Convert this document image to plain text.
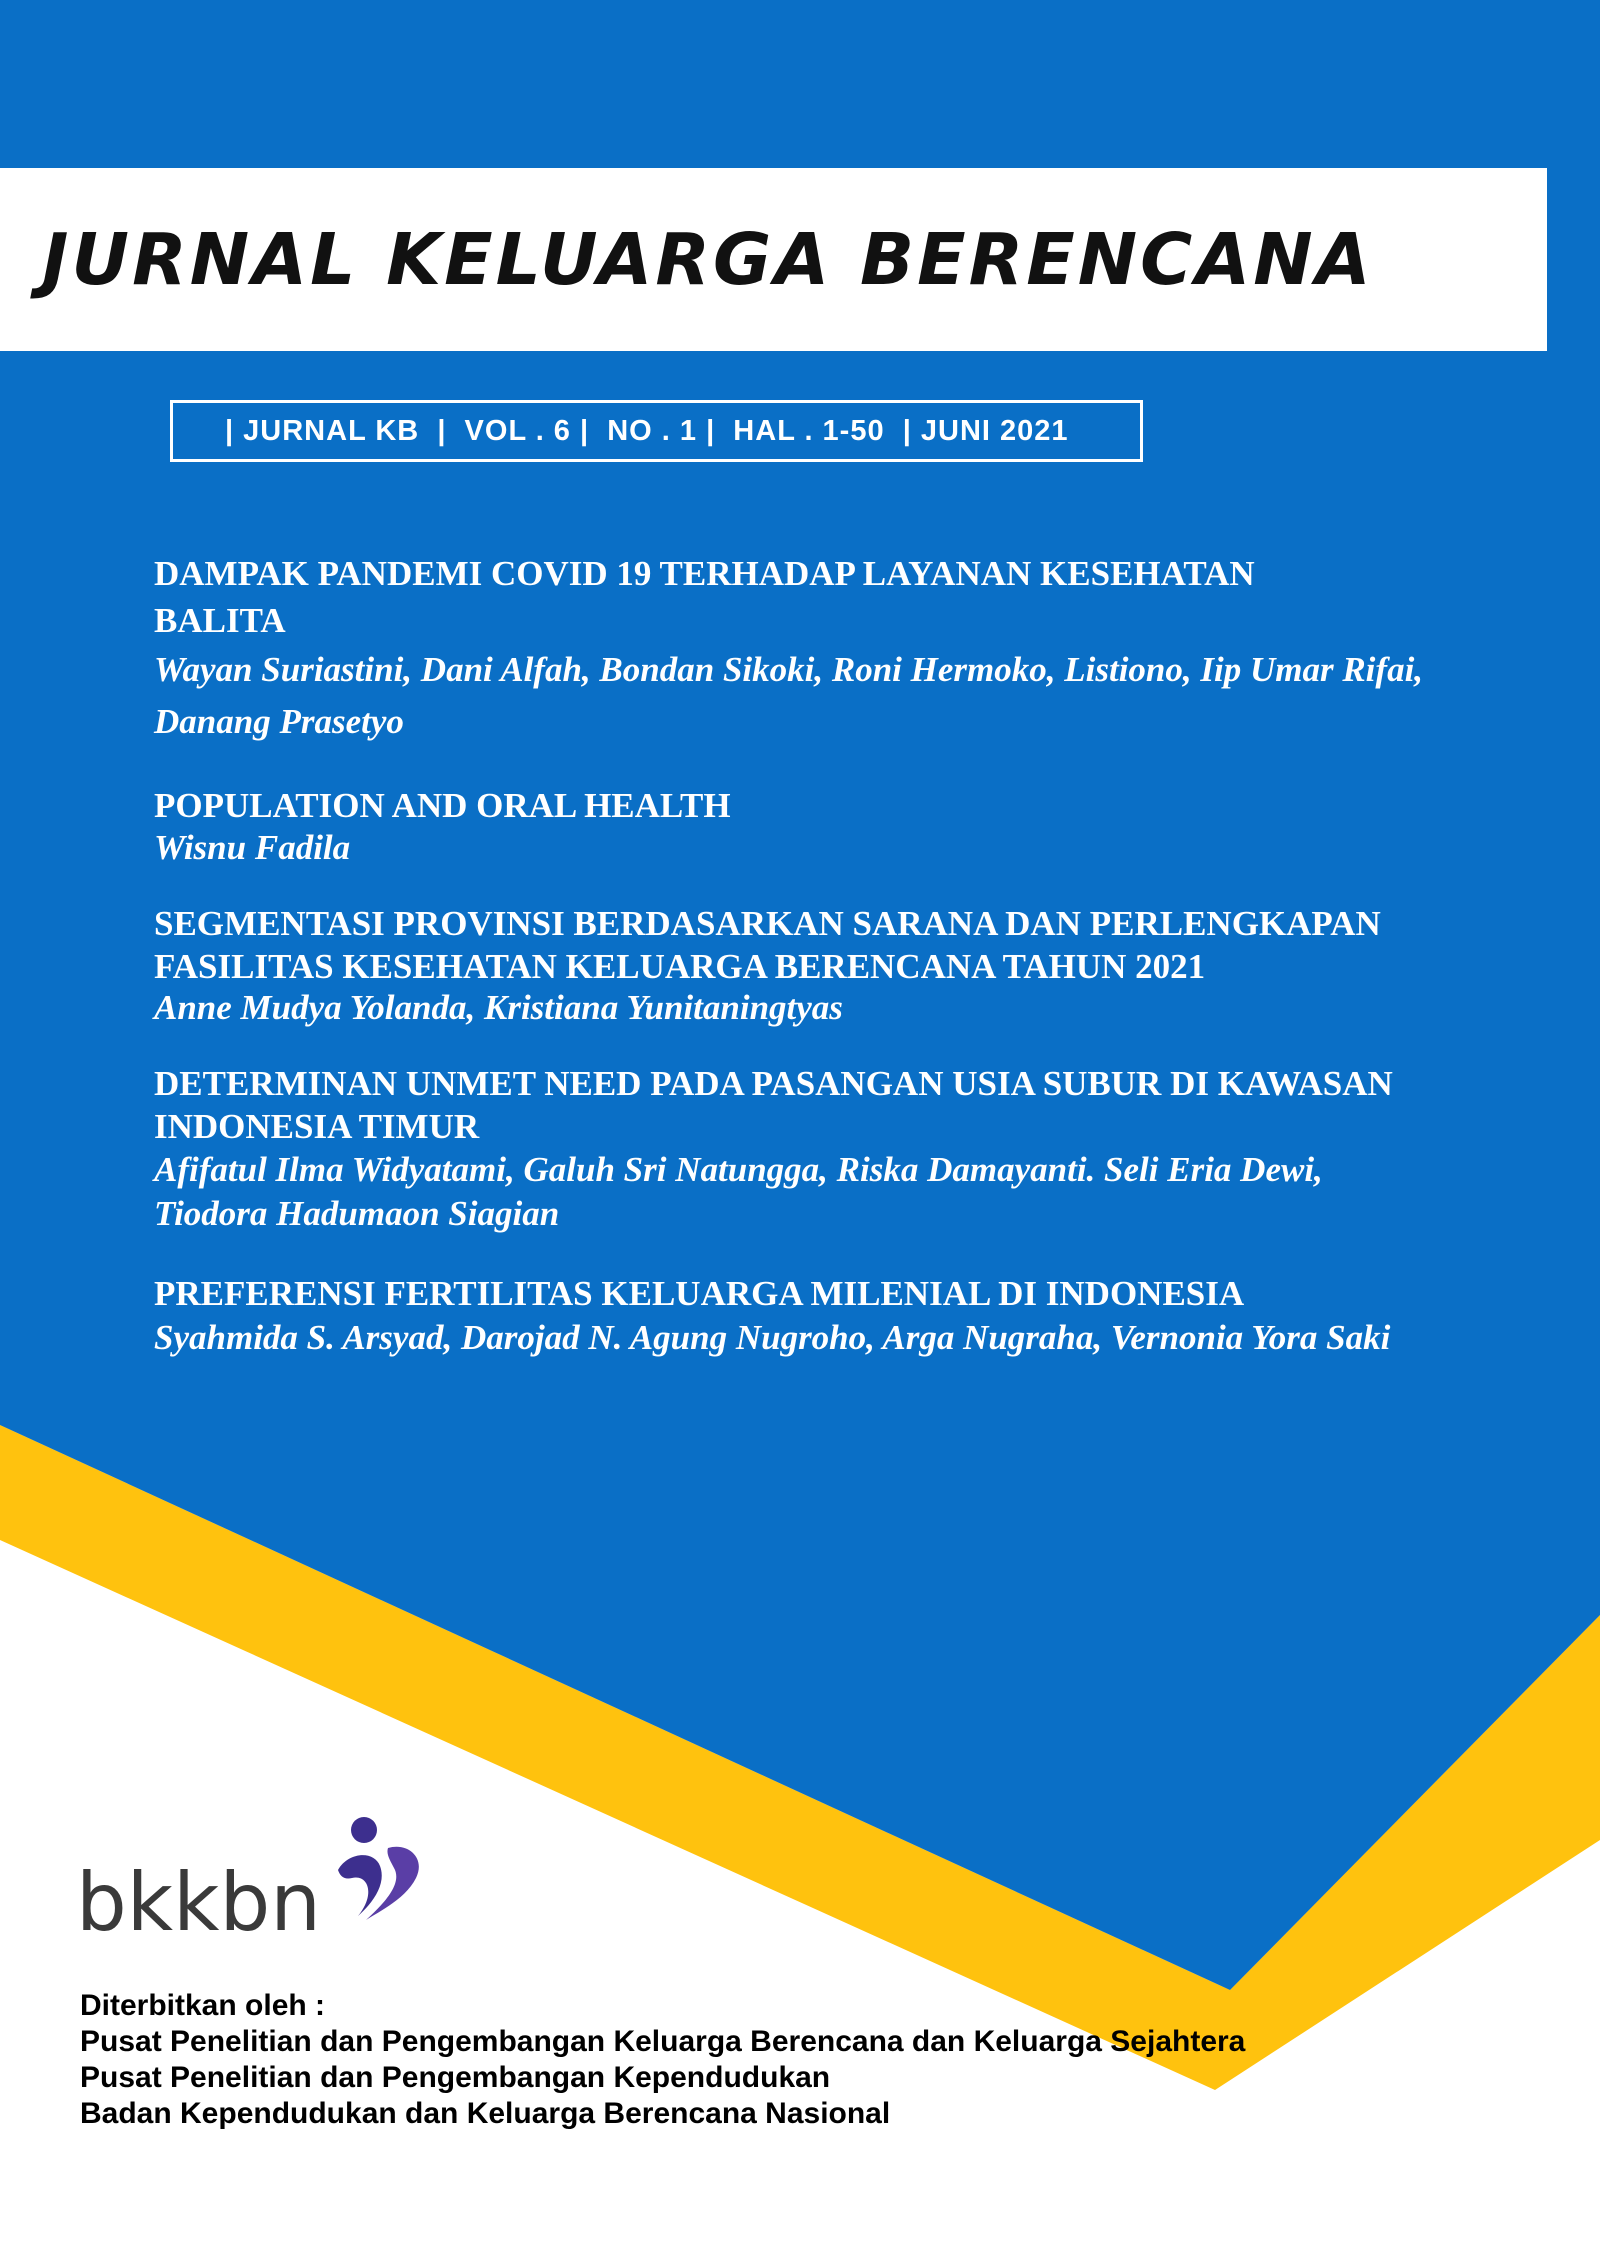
JURNAL KELUARGA BERENCANA
| JURNAL KB  |  VOL . 6 |  NO . 1 |  HAL . 1-50  | JUNI 2021
DAMPAK PANDEMI COVID 19 TERHADAP LAYANAN KESEHATAN BALITA
Wayan Suriastini, Dani Alfah, Bondan Sikoki, Roni Hermoko, Listiono, Iip Umar Rifai, Danang Prasetyo
POPULATION AND ORAL HEALTH
Wisnu Fadila
SEGMENTASI PROVINSI BERDASARKAN SARANA DAN PERLENGKAPAN FASILITAS KESEHATAN KELUARGA BERENCANA TAHUN 2021
Anne Mudya Yolanda, Kristiana Yunitaningtyas
DETERMINAN UNMET NEED PADA PASANGAN USIA SUBUR DI KAWASAN INDONESIA TIMUR
Afifatul Ilma Widyatami, Galuh Sri Natungga, Riska Damayanti. Seli Eria Dewi, Tiodora Hadumaon Siagian
PREFERENSI FERTILITAS KELUARGA MILENIAL DI INDONESIA
Syahmida S. Arsyad, Darojad N. Agung Nugroho, Arga Nugraha, Vernonia Yora Saki
bkkbn
Diterbitkan oleh :
Pusat Penelitian dan Pengembangan Keluarga Berencana dan Keluarga Sejahtera
Pusat Penelitian dan Pengembangan Kependudukan
Badan Kependudukan dan Keluarga Berencana Nasional
